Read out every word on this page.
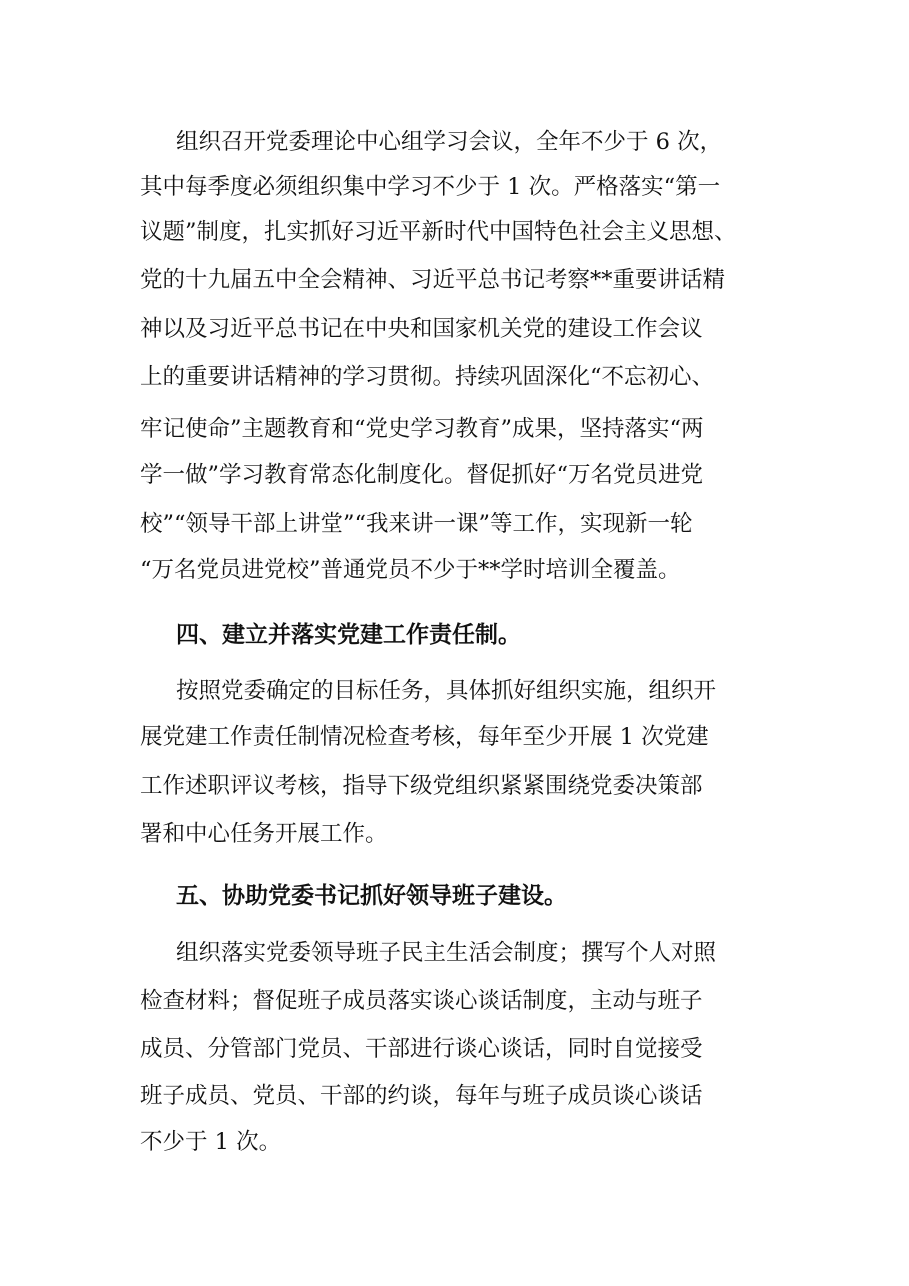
组织召开党委理论中心组学习会议，全年不少于 6 次，

其中每季度必须组织集中学习不少于 1 次。严格落实“第一

议题”制度，扎实抓好习近平新时代中国特色社会主义思想、

党的十九届五中全会精神、习近平总书记考察**重要讲话精

神以及习近平总书记在中央和国家机关党的建设工作会议

上的重要讲话精神的学习贯彻。持续巩固深化“不忘初心、

牢记使命”主题教育和“党史学习教育”成果，坚持落实“两

学一做”学习教育常态化制度化。督促抓好“万名党员进党

校”“领导干部上讲堂”“我来讲一课”等工作，实现新一轮

“万名党员进党校”普通党员不少于**学时培训全覆盖。

四、建立并落实党建工作责任制。

按照党委确定的目标任务，具体抓好组织实施，组织开

展党建工作责任制情况检查考核，每年至少开展 1 次党建

工作述职评议考核，指导下级党组织紧紧围绕党委决策部

署和中心任务开展工作。

五、协助党委书记抓好领导班子建设。

组织落实党委领导班子民主生活会制度；撰写个人对照

检查材料；督促班子成员落实谈心谈话制度，主动与班子

成员、分管部门党员、干部进行谈心谈话，同时自觉接受

班子成员、党员、干部的约谈，每年与班子成员谈心谈话

不少于 1 次。
